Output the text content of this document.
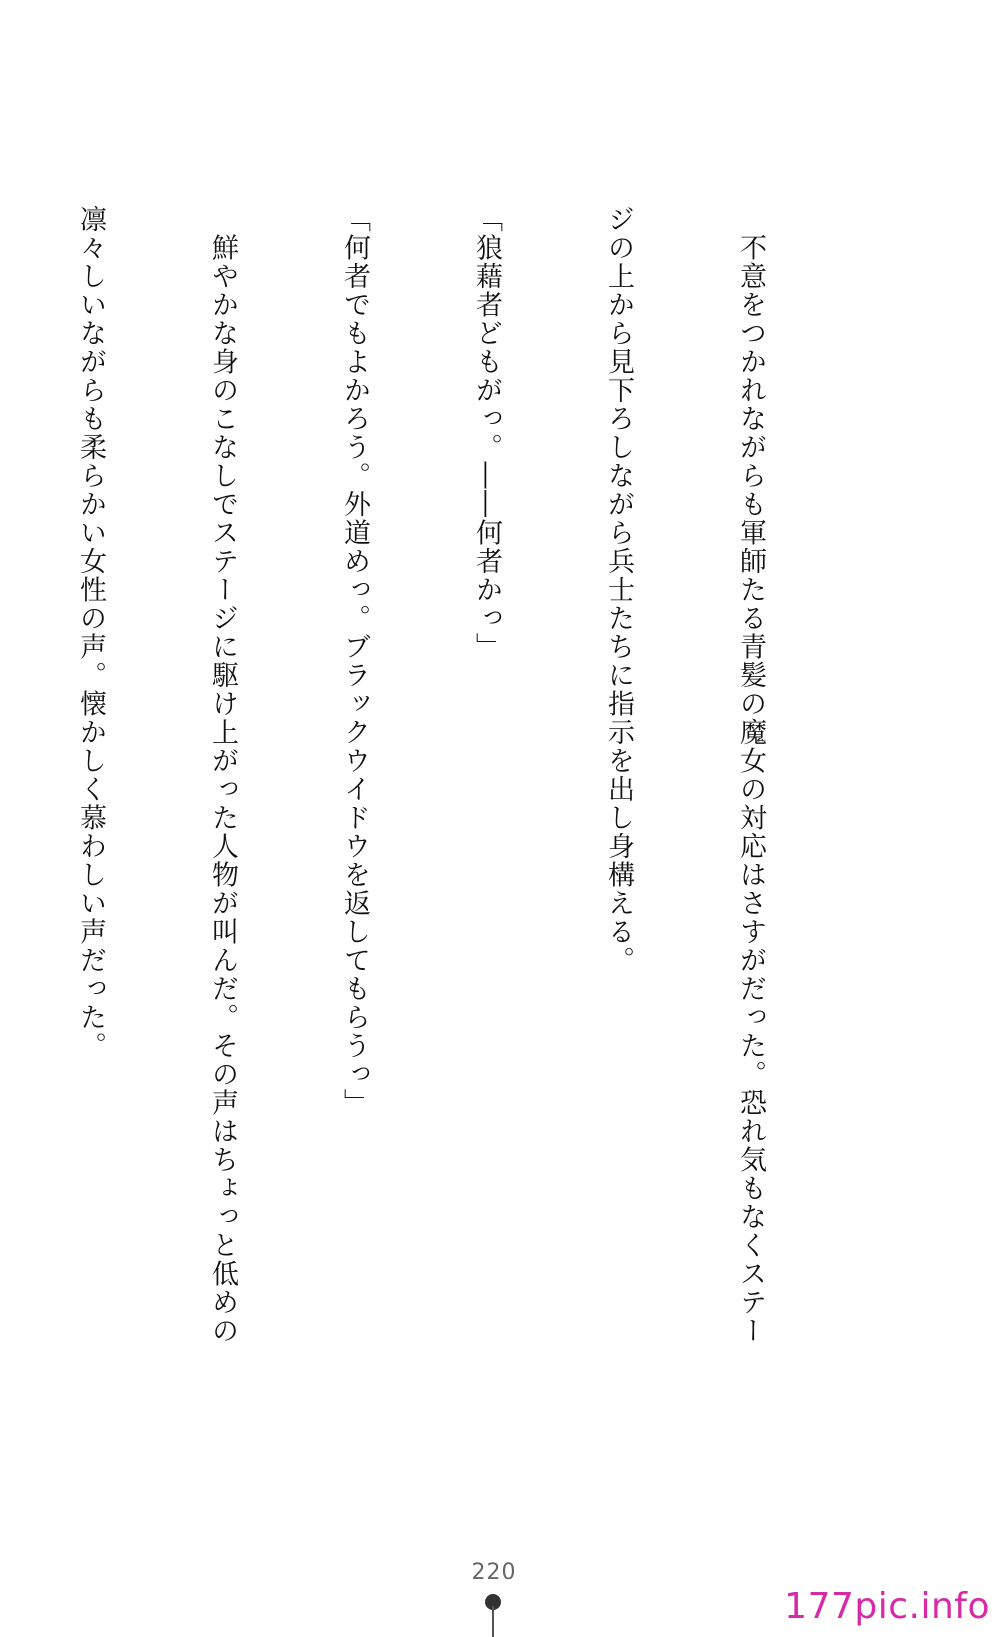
　不意をつかれながらも軍師たる青髪の魔女の対応はさすがだった。恐れ気もなくステー

ジの上から見下ろしながら兵士たちに指示を出し身構える。

「狼藉者どもがっ。――何者かっ」

「何者でもよかろう。外道めっ。ブラックウイドウを返してもらうっ」

　鮮やかな身のこなしでステージに駆け上がった人物が叫んだ。その声はちょっと低めの

凛々しいながらも柔らかい女性の声。懐かしく慕わしい声だった。

220
177pic.info
